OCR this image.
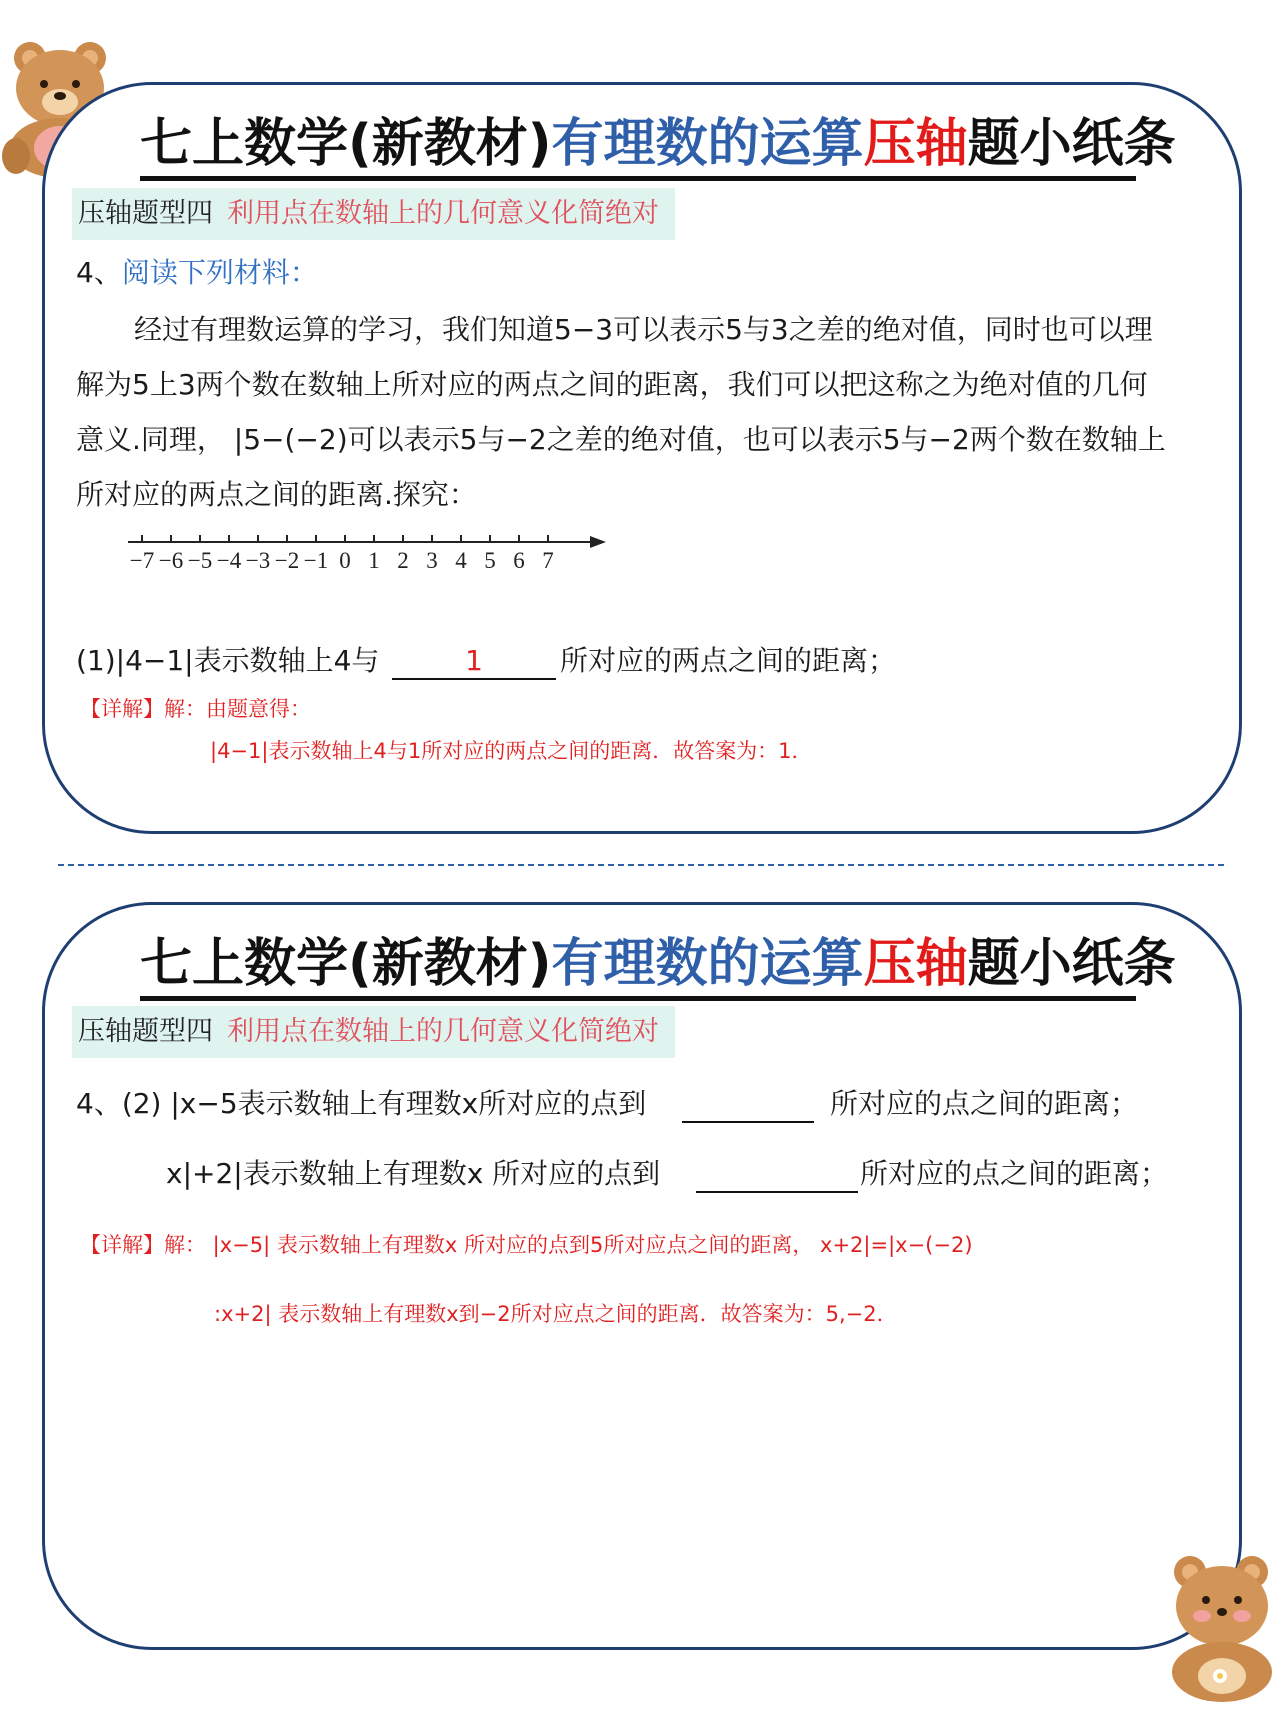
七上数学(新教材)有理数的运算压轴题小纸条
压轴题型四 利用点在数轴上的几何意义化简绝对
4、阅读下列材料：
经过有理数运算的学习，我们知道5−3可以表示5与3之差的绝对值，同时也可以理
解为5上3两个数在数轴上所对应的两点之间的距离，我们可以把这称之为绝对值的几何
意义.同理， |5−(−2)可以表示5与−2之差的绝对值，也可以表示5与−2两个数在数轴上
所对应的两点之间的距离.探究：
−7 −6 −5 −4 −3 −2 −1 0 1 2 3 4 5 6 7
(1)|4−1|表示数轴上4与	1	所对应的两点之间的距离；
【详解】解：由题意得：
|4−1|表示数轴上4与1所对应的两点之间的距离．故答案为：1．
七上数学(新教材)有理数的运算压轴题小纸条
压轴题型四 利用点在数轴上的几何意义化简绝对
4、(2) |x−5表示数轴上有理数x所对应的点到	所对应的点之间的距离；
x|+2|表示数轴上有理数x 所对应的点到	所对应的点之间的距离；
【详解】解： |x−5| 表示数轴上有理数x 所对应的点到5所对应点之间的距离， x+2|=|x−(−2)
:x+2| 表示数轴上有理数x到−2所对应点之间的距离．故答案为：5,−2．
